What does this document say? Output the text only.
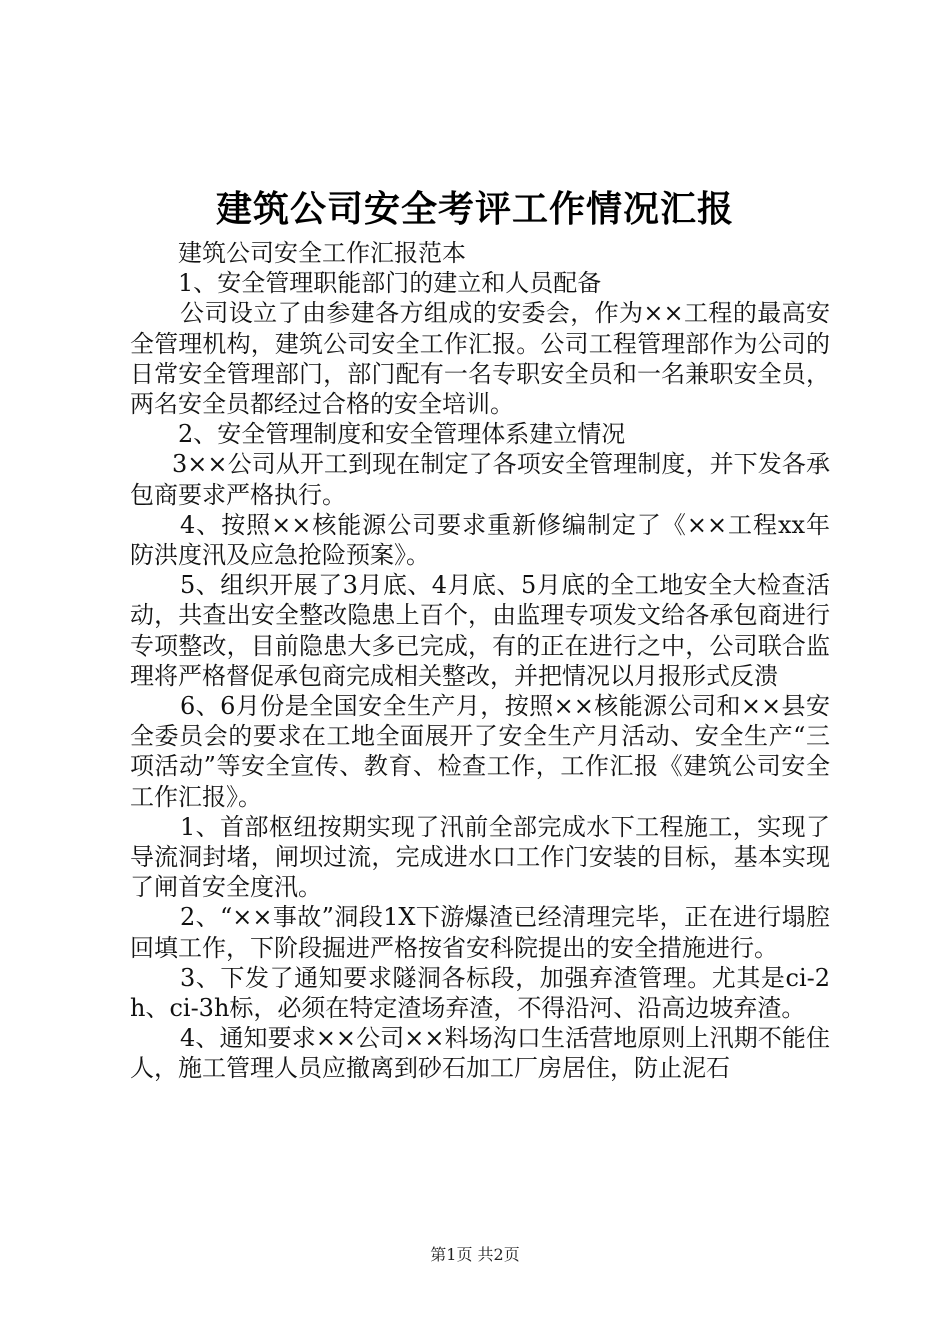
建筑公司安全考评工作情况汇报

建筑公司安全工作汇报范本

1、安全管理职能部门的建立和人员配备

公司设立了由参建各方组成的安委会，作为××工程的最高安全管理机构，建筑公司安全工作汇报。公司工程管理部作为公司的日常安全管理部门，部门配有一名专职安全员和一名兼职安全员，两名安全员都经过合格的安全培训。

2、安全管理制度和安全管理体系建立情况

3××公司从开工到现在制定了各项安全管理制度，并下发各承包商要求严格执行。

4、按照××核能源公司要求重新修编制定了《××工程xx年防洪度汛及应急抢险预案》。

5、组织开展了3月底、4月底、5月底的全工地安全大检查活动，共查出安全整改隐患上百个，由监理专项发文给各承包商进行专项整改，目前隐患大多已完成，有的正在进行之中，公司联合监理将严格督促承包商完成相关整改，并把情况以月报形式反溃

6、6月份是全国安全生产月，按照××核能源公司和××县安全委员会的要求在工地全面展开了安全生产月活动、安全生产“三项活动”等安全宣传、教育、检查工作，工作汇报《建筑公司安全工作汇报》。

1、首部枢纽按期实现了汛前全部完成水下工程施工，实现了导流洞封堵，闸坝过流，完成进水口工作门安装的目标，基本实现了闸首安全度汛。

2、“××事故”洞段1X下游爆渣已经清理完毕，正在进行塌腔回填工作，下阶段掘进严格按省安科院提出的安全措施进行。

3、下发了通知要求隧洞各标段，加强弃渣管理。尤其是ci-2h、ci-3h标，必须在特定渣场弃渣，不得沿河、沿高边坡弃渣。

4、通知要求××公司××料场沟口生活营地原则上汛期不能住人，施工管理人员应撤离到砂石加工厂房居住，防止泥石

第1页 共2页
